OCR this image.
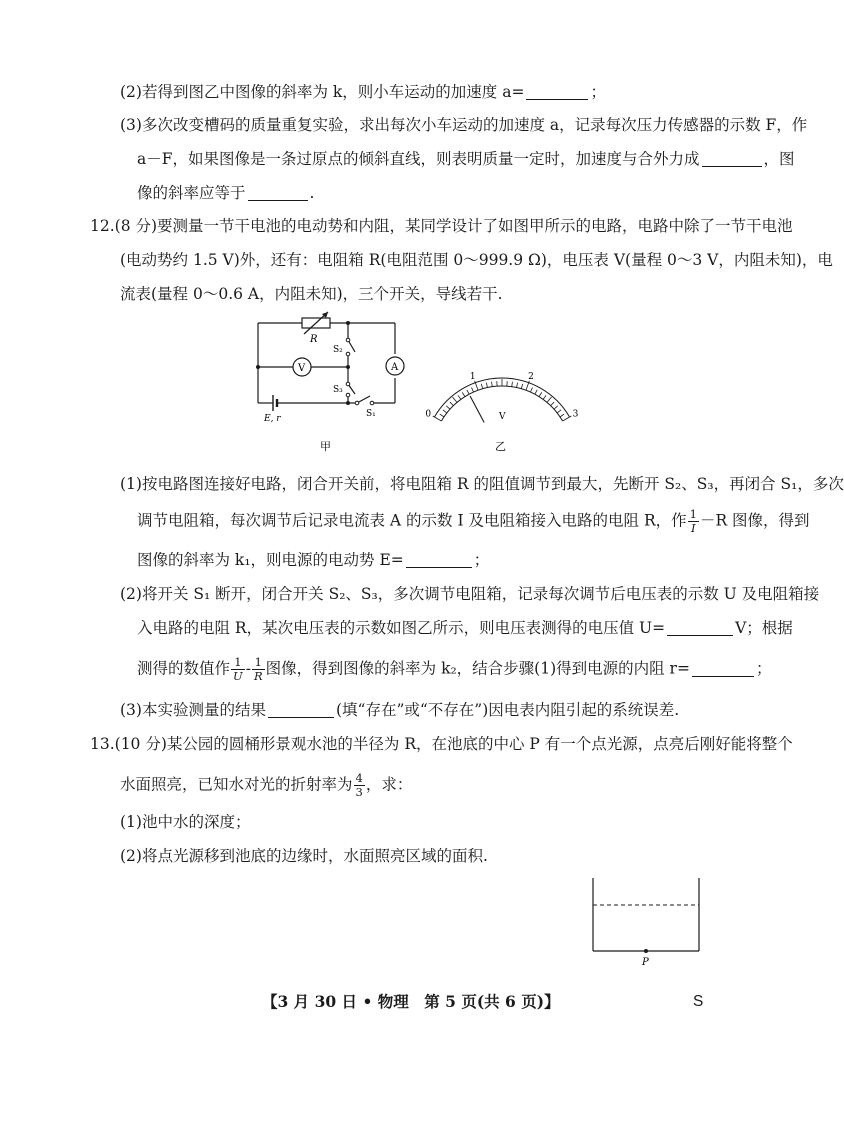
(2)若得到图乙中图像的斜率为 k，则小车运动的加速度 a=	；
(3)多次改变槽码的质量重复实验，求出每次小车运动的加速度 a，记录每次压力传感器的示数 F，作
a－F，如果图像是一条过原点的倾斜直线，则表明质量一定时，加速度与合外力成	，图
像的斜率应等于	.
12.(8 分)要测量一节干电池的电动势和内阻，某同学设计了如图甲所示的电路，电路中除了一节干电池
(电动势约 1.5 V)外，还有：电阻箱 R(电阻范围 0～999.9 Ω)，电压表 V(量程 0～3 V，内阻未知)，电
流表(量程 0～0.6 A，内阻未知)，三个开关，导线若干.
R
V	A
S₂
S₃
S₁
E, r
甲
0
1	2
3
V
乙
(1)按电路图连接好电路，闭合开关前，将电阻箱 R 的阻值调节到最大，先断开 S₂、S₃，再闭合 S₁，多次
调节电阻箱，每次调节后记录电流表 A 的示数 I 及电阻箱接入电路的电阻 R，作 $\frac{1}{I} -R$ 图像，得到
图像的斜率为 k₁，则电源的电动势 E=	；
(2)将开关 S₁ 断开，闭合开关 S₂、S₃，多次调节电阻箱，记录每次调节后电压表的示数 U 及电阻箱接
入电路的电阻 R，某次电压表的示数如图乙所示，则电压表测得的电压值 U=	V；根据
测得的数值作 $\frac{1}{U} - \frac{1}{R}$ 图像，得到图像的斜率为 k₂，结合步骤(1)得到电源的内阻 r=	；
(3)本实验测量的结果	(填“存在”或“不存在”)因电表内阻引起的系统误差.
13.(10 分)某公园的圆桶形景观水池的半径为 R，在池底的中心 P 有一个点光源，点亮后刚好能将整个
水面照亮，已知水对光的折射率为 $\frac{4}{3}$ ，求：
(1)池中水的深度；
(2)将点光源移到池底的边缘时，水面照亮区域的面积.
P
【3 月 30 日 • 物理　第 5 页(共 6 页)】	S
